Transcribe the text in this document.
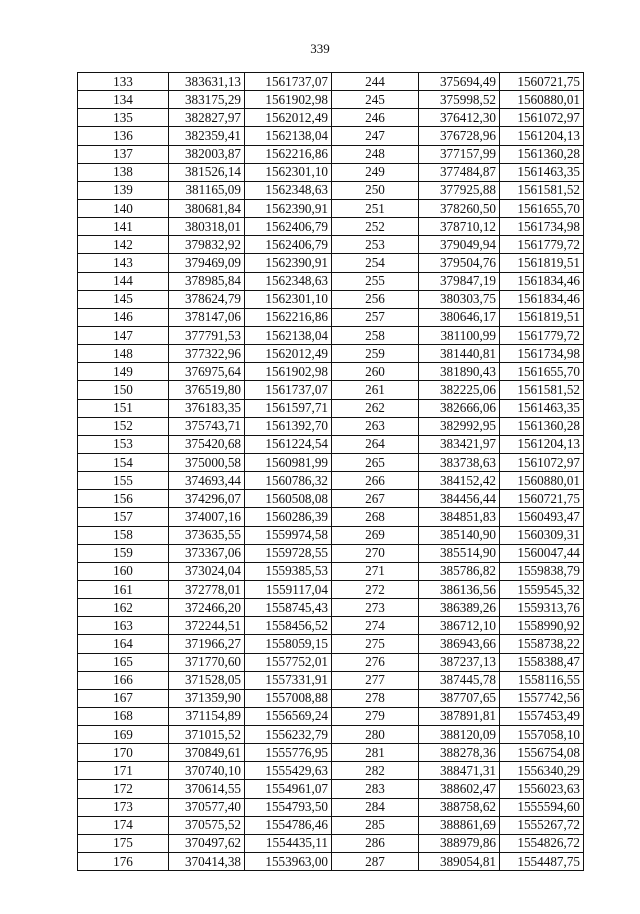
339
133	383631,13	1561737,07	244	375694,49	1560721,75
134	383175,29	1561902,98	245	375998,52	1560880,01
135	382827,97	1562012,49	246	376412,30	1561072,97
136	382359,41	1562138,04	247	376728,96	1561204,13
137	382003,87	1562216,86	248	377157,99	1561360,28
138	381526,14	1562301,10	249	377484,87	1561463,35
139	381165,09	1562348,63	250	377925,88	1561581,52
140	380681,84	1562390,91	251	378260,50	1561655,70
141	380318,01	1562406,79	252	378710,12	1561734,98
142	379832,92	1562406,79	253	379049,94	1561779,72
143	379469,09	1562390,91	254	379504,76	1561819,51
144	378985,84	1562348,63	255	379847,19	1561834,46
145	378624,79	1562301,10	256	380303,75	1561834,46
146	378147,06	1562216,86	257	380646,17	1561819,51
147	377791,53	1562138,04	258	381100,99	1561779,72
148	377322,96	1562012,49	259	381440,81	1561734,98
149	376975,64	1561902,98	260	381890,43	1561655,70
150	376519,80	1561737,07	261	382225,06	1561581,52
151	376183,35	1561597,71	262	382666,06	1561463,35
152	375743,71	1561392,70	263	382992,95	1561360,28
153	375420,68	1561224,54	264	383421,97	1561204,13
154	375000,58	1560981,99	265	383738,63	1561072,97
155	374693,44	1560786,32	266	384152,42	1560880,01
156	374296,07	1560508,08	267	384456,44	1560721,75
157	374007,16	1560286,39	268	384851,83	1560493,47
158	373635,55	1559974,58	269	385140,90	1560309,31
159	373367,06	1559728,55	270	385514,90	1560047,44
160	373024,04	1559385,53	271	385786,82	1559838,79
161	372778,01	1559117,04	272	386136,56	1559545,32
162	372466,20	1558745,43	273	386389,26	1559313,76
163	372244,51	1558456,52	274	386712,10	1558990,92
164	371966,27	1558059,15	275	386943,66	1558738,22
165	371770,60	1557752,01	276	387237,13	1558388,47
166	371528,05	1557331,91	277	387445,78	1558116,55
167	371359,90	1557008,88	278	387707,65	1557742,56
168	371154,89	1556569,24	279	387891,81	1557453,49
169	371015,52	1556232,79	280	388120,09	1557058,10
170	370849,61	1555776,95	281	388278,36	1556754,08
171	370740,10	1555429,63	282	388471,31	1556340,29
172	370614,55	1554961,07	283	388602,47	1556023,63
173	370577,40	1554793,50	284	388758,62	1555594,60
174	370575,52	1554786,46	285	388861,69	1555267,72
175	370497,62	1554435,11	286	388979,86	1554826,72
176	370414,38	1553963,00	287	389054,81	1554487,75
